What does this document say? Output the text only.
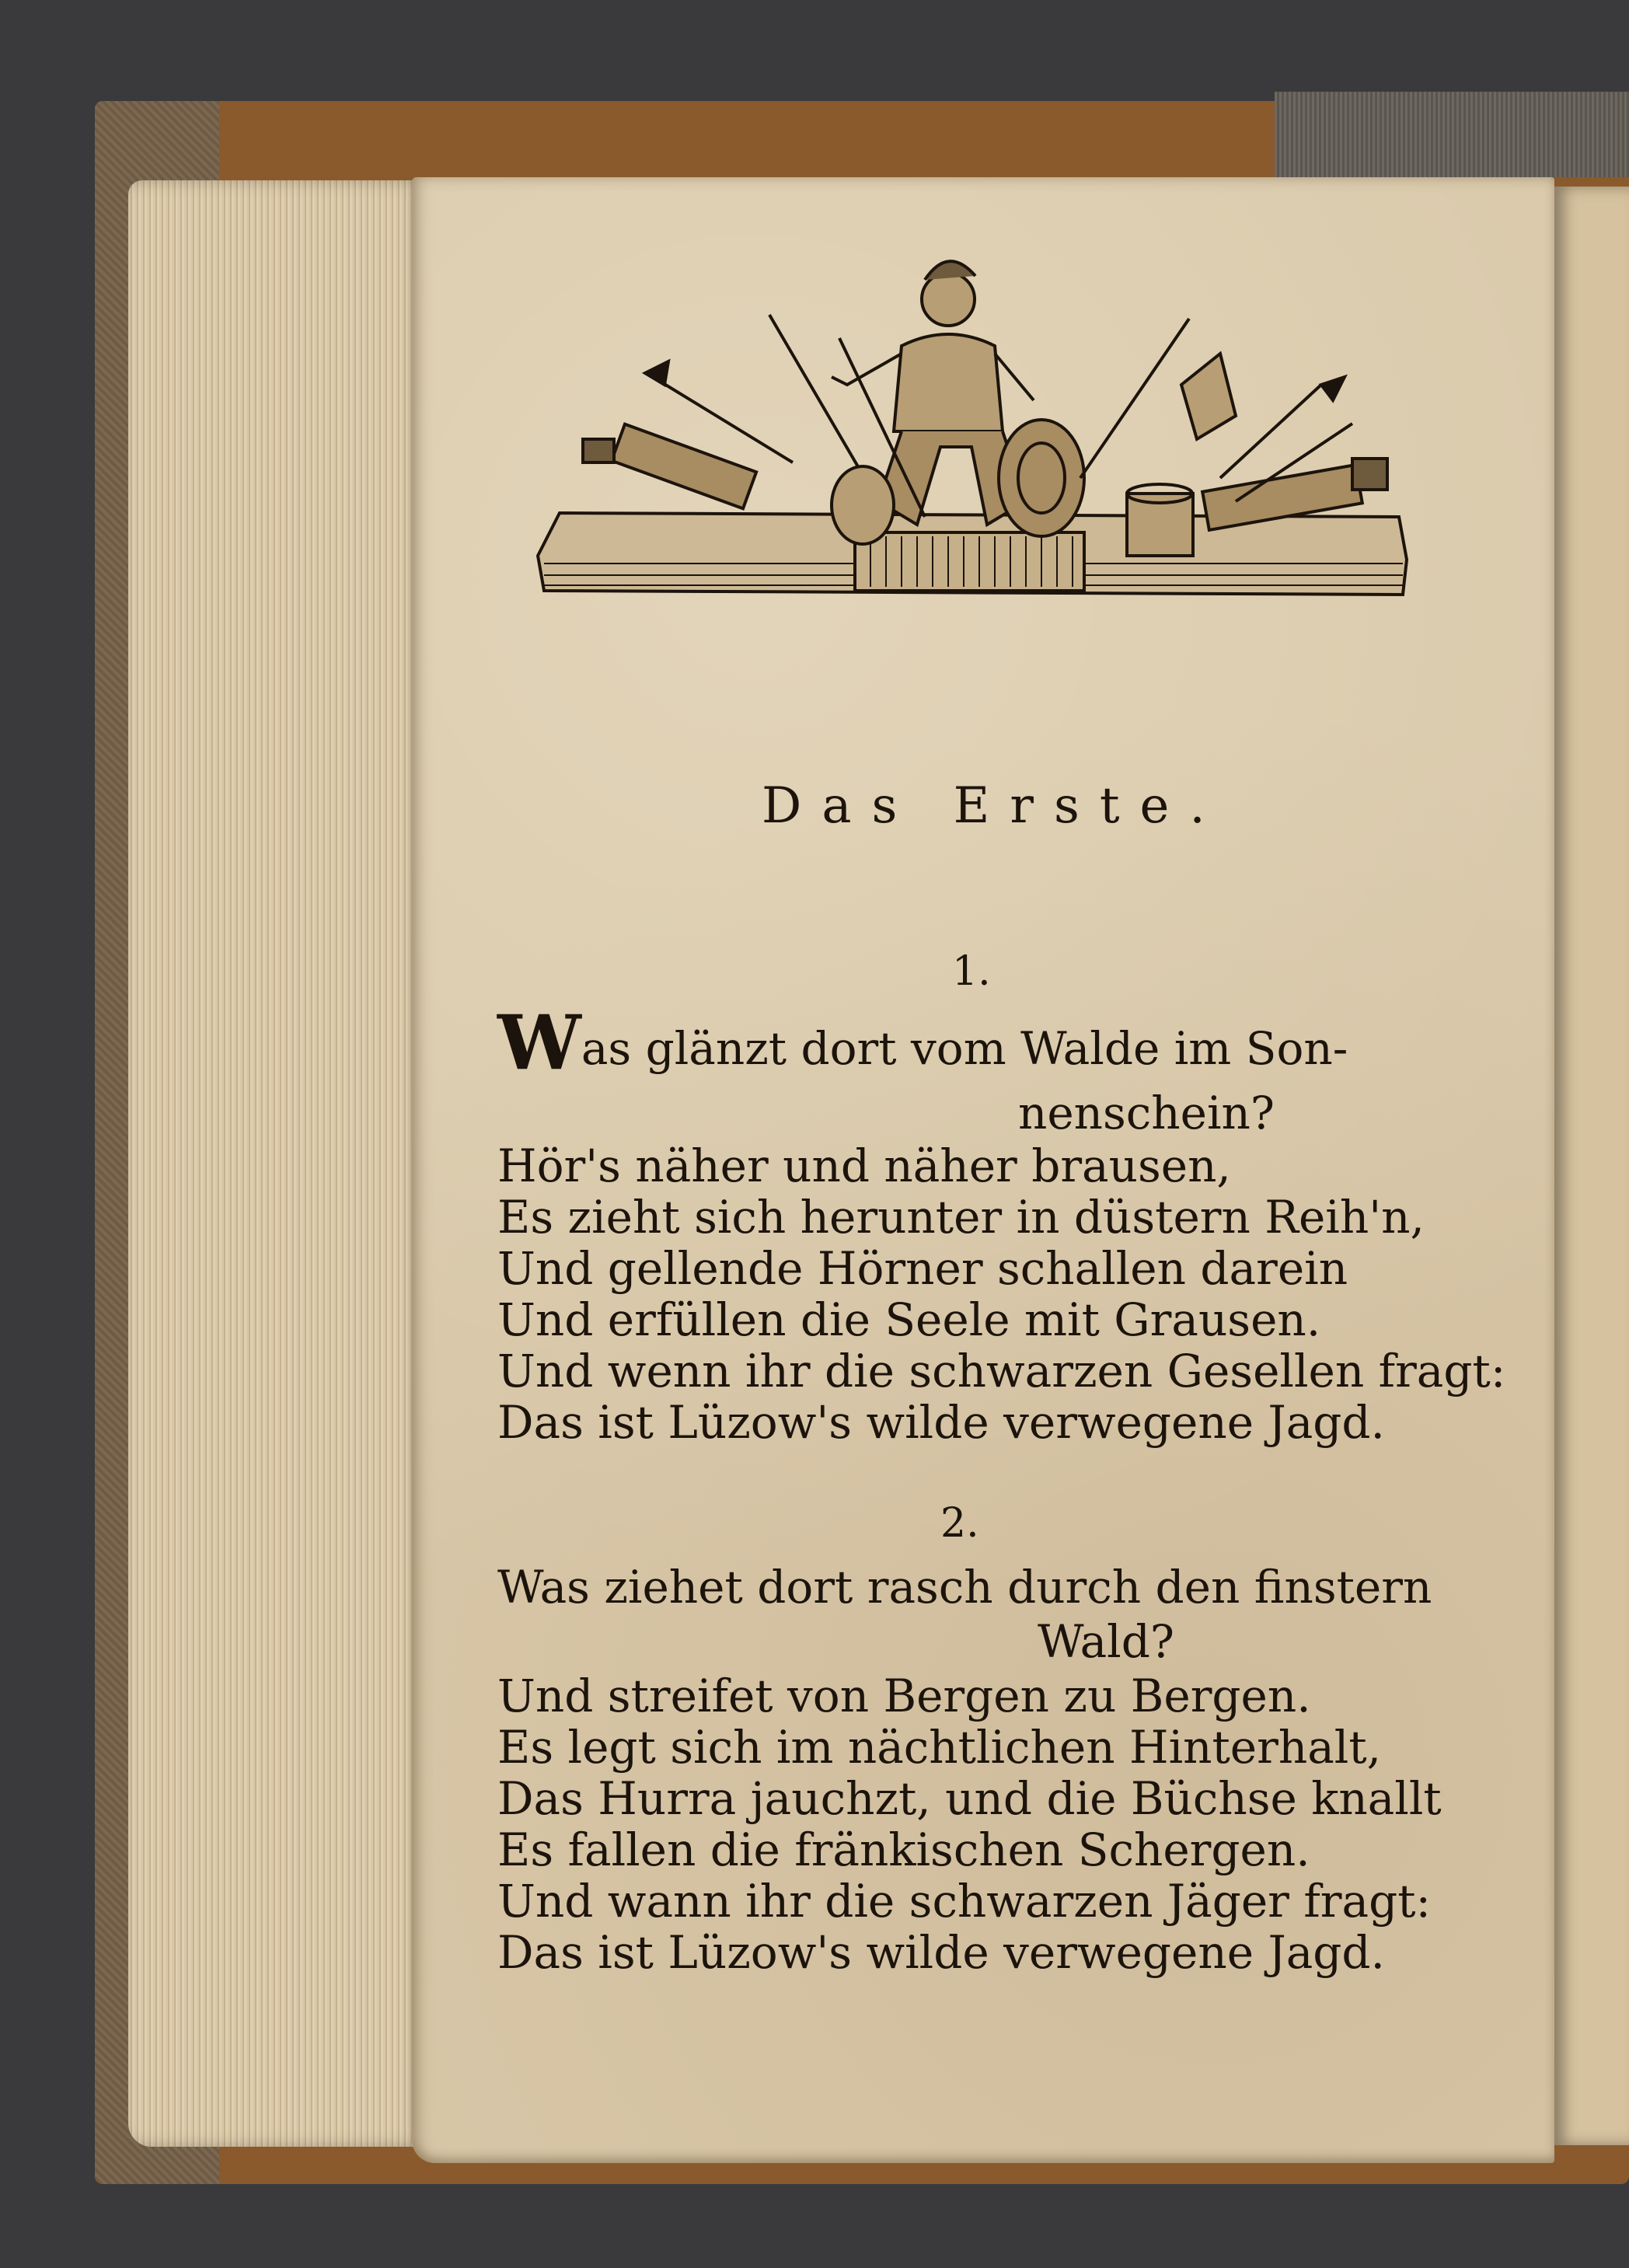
Das Erste.
1.
Was glänzt dort vom Walde im Son-
nenschein?
Hör's näher und näher brausen,
Es zieht sich herunter in düstern Reih'n,
Und gellende Hörner schallen darein
Und erfüllen die Seele mit Grausen.
Und wenn ihr die schwarzen Gesellen fragt:
Das ist Lüzow's wilde verwegene Jagd.
2.
Was ziehet dort rasch durch den finstern
Wald?
Und streifet von Bergen zu Bergen.
Es legt sich im nächtlichen Hinterhalt,
Das Hurra jauchzt, und die Büchse knallt
Es fallen die fränkischen Schergen.
Und wann ihr die schwarzen Jäger fragt:
Das ist Lüzow's wilde verwegene Jagd.
